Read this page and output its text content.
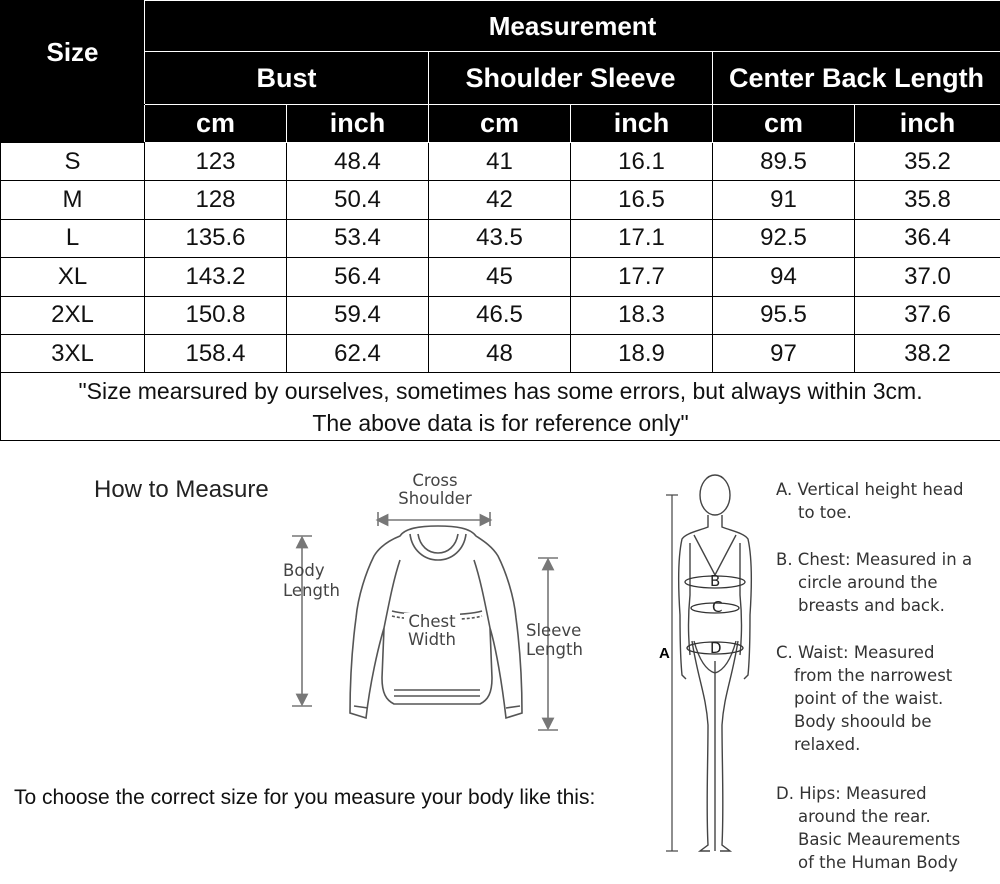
Size	Measurement					
	Bust		Shoulder Sleeve		Center Back Length	
	cm	inch	cm	inch	cm	inch
S	123	48.4	41	16.1	89.5	35.2
M	128	50.4	42	16.5	91	35.8
L	135.6	53.4	43.5	17.1	92.5	36.4
XL	143.2	56.4	45	17.7	94	37.0
2XL	150.8	59.4	46.5	18.3	95.5	37.6
3XL	158.4	62.4	48	18.9	97	38.2

"Size mearsured by ourselves, sometimes has some errors, but always within 3cm.
The above data is for reference only"						
How to Measure	Cross
Shoulder
Body
Length
Chest
Width	Sleeve
Length
To choose the correct size for you measure your body like this:
B
C
D
A
A. Vertical height head
to toe.
B. Chest: Measured in a
circle around the
breasts and back.
C. Waist: Measured
from the narrowest
point of the waist.
Body shoould be
relaxed.
D. Hips: Measured
around the rear.
Basic Meaurements
of the Human Body
